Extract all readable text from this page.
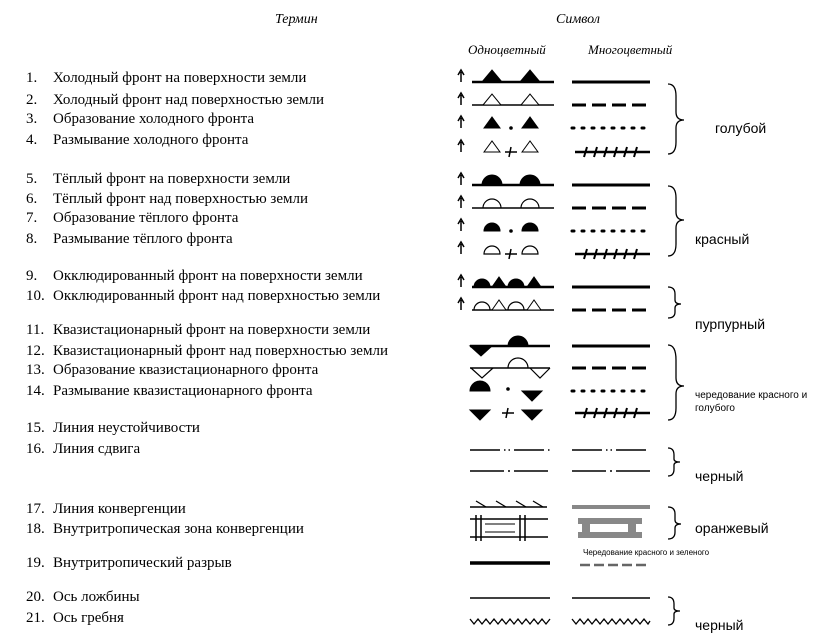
Термин	Символ
Одноцветный	Многоцветный
1. Холодный фронт на поверхности земли
2. Холодный фронт над поверхностью земли
3. Образование холодного фронта
4. Размывание холодного фронта
5. Тёплый фронт на поверхности земли
6. Тёплый фронт над поверхностью земли
7. Образование тёплого фронта
8. Размывание тёплого фронта
9. Окклюдированный фронт на поверхности земли
10. Окклюдированный фронт над поверхностью земли
11. Квазистационарный фронт на поверхности земли
12. Квазистационарный фронт над поверхностью земли
13. Образование квазистационарного фронта
14. Размывание квазистационарного фронта
15. Линия неустойчивости
16. Линия сдвига
17. Линия конвергенции
18. Внутритропическая зона конвергенции
19. Внутритропический разрыв
20. Ось ложбины
21. Ось гребня
голубой
красный
пурпурный
чередование красного и голубого
черный
оранжевый
черный
Чередование красного и зеленого
